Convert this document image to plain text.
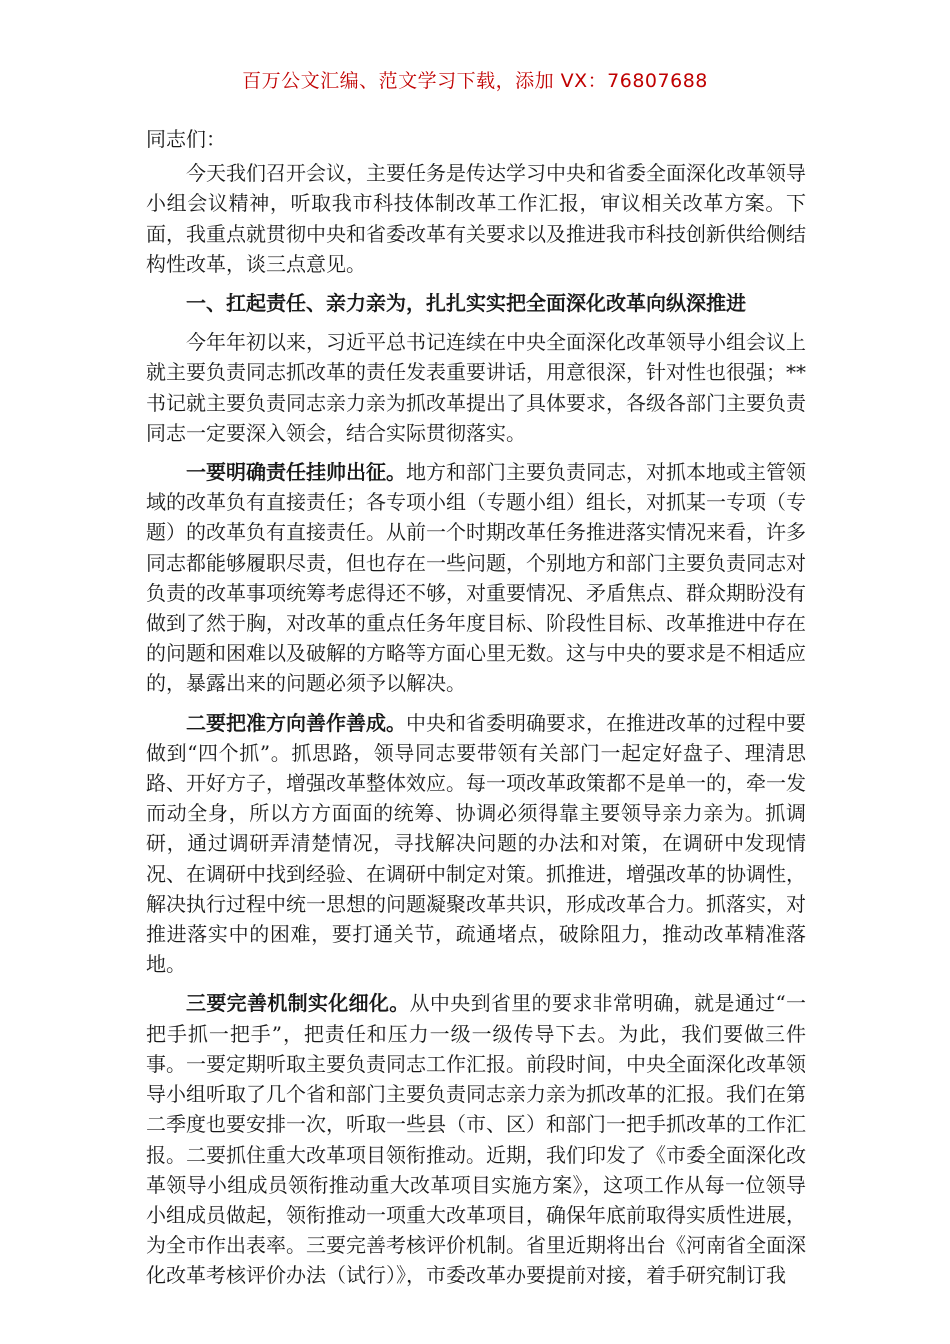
百万公文汇编、范文学习下载，添加 VX：76807688

同志们：

今天我们召开会议，主要任务是传达学习中央和省委全面深化改革领导小组会议精神，听取我市科技体制改革工作汇报，审议相关改革方案。下面，我重点就贯彻中央和省委改革有关要求以及推进我市科技创新供给侧结构性改革，谈三点意见。

一、扛起责任、亲力亲为，扎扎实实把全面深化改革向纵深推进

今年年初以来，习近平总书记连续在中央全面深化改革领导小组会议上就主要负责同志抓改革的责任发表重要讲话，用意很深，针对性也很强；**书记就主要负责同志亲力亲为抓改革提出了具体要求，各级各部门主要负责同志一定要深入领会，结合实际贯彻落实。

一要明确责任挂帅出征。地方和部门主要负责同志，对抓本地或主管领域的改革负有直接责任；各专项小组（专题小组）组长，对抓某一专项（专题）的改革负有直接责任。从前一个时期改革任务推进落实情况来看，许多同志都能够履职尽责，但也存在一些问题，个别地方和部门主要负责同志对负责的改革事项统筹考虑得还不够，对重要情况、矛盾焦点、群众期盼没有做到了然于胸，对改革的重点任务年度目标、阶段性目标、改革推进中存在的问题和困难以及破解的方略等方面心里无数。这与中央的要求是不相适应的，暴露出来的问题必须予以解决。

二要把准方向善作善成。中央和省委明确要求，在推进改革的过程中要做到“四个抓”。抓思路，领导同志要带领有关部门一起定好盘子、理清思路、开好方子，增强改革整体效应。每一项改革政策都不是单一的，牵一发而动全身，所以方方面面的统筹、协调必须得靠主要领导亲力亲为。抓调研，通过调研弄清楚情况，寻找解决问题的办法和对策，在调研中发现情况、在调研中找到经验、在调研中制定对策。抓推进，增强改革的协调性，解决执行过程中统一思想的问题凝聚改革共识，形成改革合力。抓落实，对推进落实中的困难，要打通关节，疏通堵点，破除阻力，推动改革精准落地。

三要完善机制实化细化。从中央到省里的要求非常明确，就是通过“一把手抓一把手”，把责任和压力一级一级传导下去。为此，我们要做三件事。一要定期听取主要负责同志工作汇报。前段时间，中央全面深化改革领导小组听取了几个省和部门主要负责同志亲力亲为抓改革的汇报。我们在第二季度也要安排一次，听取一些县（市、区）和部门一把手抓改革的工作汇报。二要抓住重大改革项目领衔推动。近期，我们印发了《市委全面深化改革领导小组成员领衔推动重大改革项目实施方案》，这项工作从每一位领导小组成员做起，领衔推动一项重大改革项目，确保年底前取得实质性进展，为全市作出表率。三要完善考核评价机制。省里近期将出台《河南省全面深化改革考核评价办法（试行）》，市委改革办要提前对接，着手研究制订我
